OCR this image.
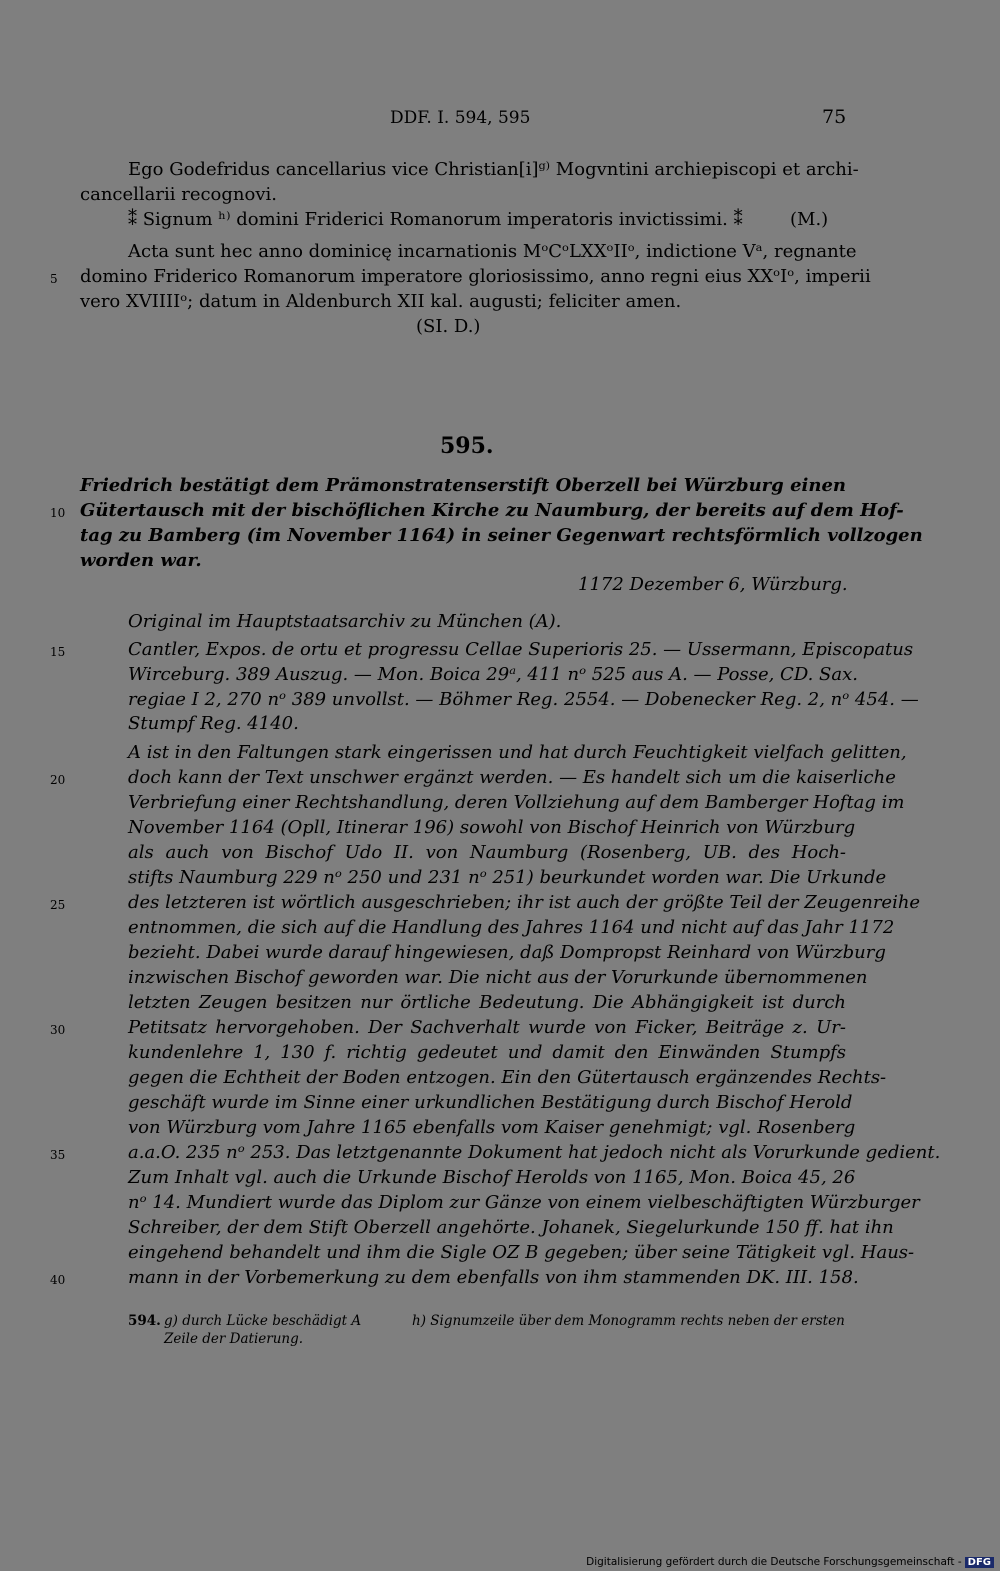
DDF. I. 594, 595	75
Ego Godefridus cancellarius vice Christian[i]ᵍ⁾ Mogvntini archiepiscopi et archi-
cancellarii recognovi.
⁑ Signum ʰ⁾ domini Friderici Romanorum imperatoris invictissimi. ⁑	(M.)
Acta sunt hec anno dominicę incarnationis MᵒCᵒLXXᵒIIᵒ, indictione Vᵃ, regnante
domino Friderico Romanorum imperatore gloriosissimo, anno regni eius XXᵒIᵒ, imperii
vero XVIIIIᵒ; datum in Aldenburch XII kal. augusti; feliciter amen.
(SI. D.)
595.
Friedrich bestätigt dem Prämonstratenserstift Oberzell bei Würzburg einen
Gütertausch mit der bischöflichen Kirche zu Naumburg, der bereits auf dem Hof-
tag zu Bamberg (im November 1164) in seiner Gegenwart rechtsförmlich vollzogen
worden war.
1172 Dezember 6, Würzburg.
Original im Hauptstaatsarchiv zu München (A).
Cantler, Expos. de ortu et progressu Cellae Superioris 25. — Ussermann, Episcopatus
Wirceburg. 389 Auszug. — Mon. Boica 29ᵃ, 411 nᵒ 525 aus A. — Posse, CD. Sax.
regiae I 2, 270 nᵒ 389 unvollst. — Böhmer Reg. 2554. — Dobenecker Reg. 2, nᵒ 454. —
Stumpf Reg. 4140.
A ist in den Faltungen stark eingerissen und hat durch Feuchtigkeit vielfach gelitten,
doch kann der Text unschwer ergänzt werden. — Es handelt sich um die kaiserliche
Verbriefung einer Rechtshandlung, deren Vollziehung auf dem Bamberger Hoftag im
November 1164 (Opll, Itinerar 196) sowohl von Bischof Heinrich von Würzburg
als auch von Bischof Udo II. von Naumburg (Rosenberg, UB. des Hoch-
stifts Naumburg 229 nᵒ 250 und 231 nᵒ 251) beurkundet worden war. Die Urkunde
des letzteren ist wörtlich ausgeschrieben; ihr ist auch der größte Teil der Zeugenreihe
entnommen, die sich auf die Handlung des Jahres 1164 und nicht auf das Jahr 1172
bezieht. Dabei wurde darauf hingewiesen, daß Dompropst Reinhard von Würzburg
inzwischen Bischof geworden war. Die nicht aus der Vorurkunde übernommenen
letzten Zeugen besitzen nur örtliche Bedeutung. Die Abhängigkeit ist durch
Petitsatz hervorgehoben. Der Sachverhalt wurde von Ficker, Beiträge z. Ur-
kundenlehre 1, 130 f. richtig gedeutet und damit den Einwänden Stumpfs
gegen die Echtheit der Boden entzogen. Ein den Gütertausch ergänzendes Rechts-
geschäft wurde im Sinne einer urkundlichen Bestätigung durch Bischof Herold
von Würzburg vom Jahre 1165 ebenfalls vom Kaiser genehmigt; vgl. Rosenberg
a.a.O. 235 nᵒ 253. Das letztgenannte Dokument hat jedoch nicht als Vorurkunde gedient.
Zum Inhalt vgl. auch die Urkunde Bischof Herolds von 1165, Mon. Boica 45, 26
nᵒ 14. Mundiert wurde das Diplom zur Gänze von einem vielbeschäftigten Würzburger
Schreiber, der dem Stift Oberzell angehörte. Johanek, Siegelurkunde 150 ff. hat ihn
eingehend behandelt und ihm die Sigle OZ B gegeben; über seine Tätigkeit vgl. Haus-
mann in der Vorbemerkung zu dem ebenfalls von ihm stammenden DK. III. 158.
5
10
15
20
25
30
35
40
594. g) durch Lücke beschädigt A
Zeile der Datierung.
h) Signumzeile über dem Monogramm rechts neben der ersten
Digitalisierung gefördert durch die Deutsche Forschungsgemeinschaft - DFG
